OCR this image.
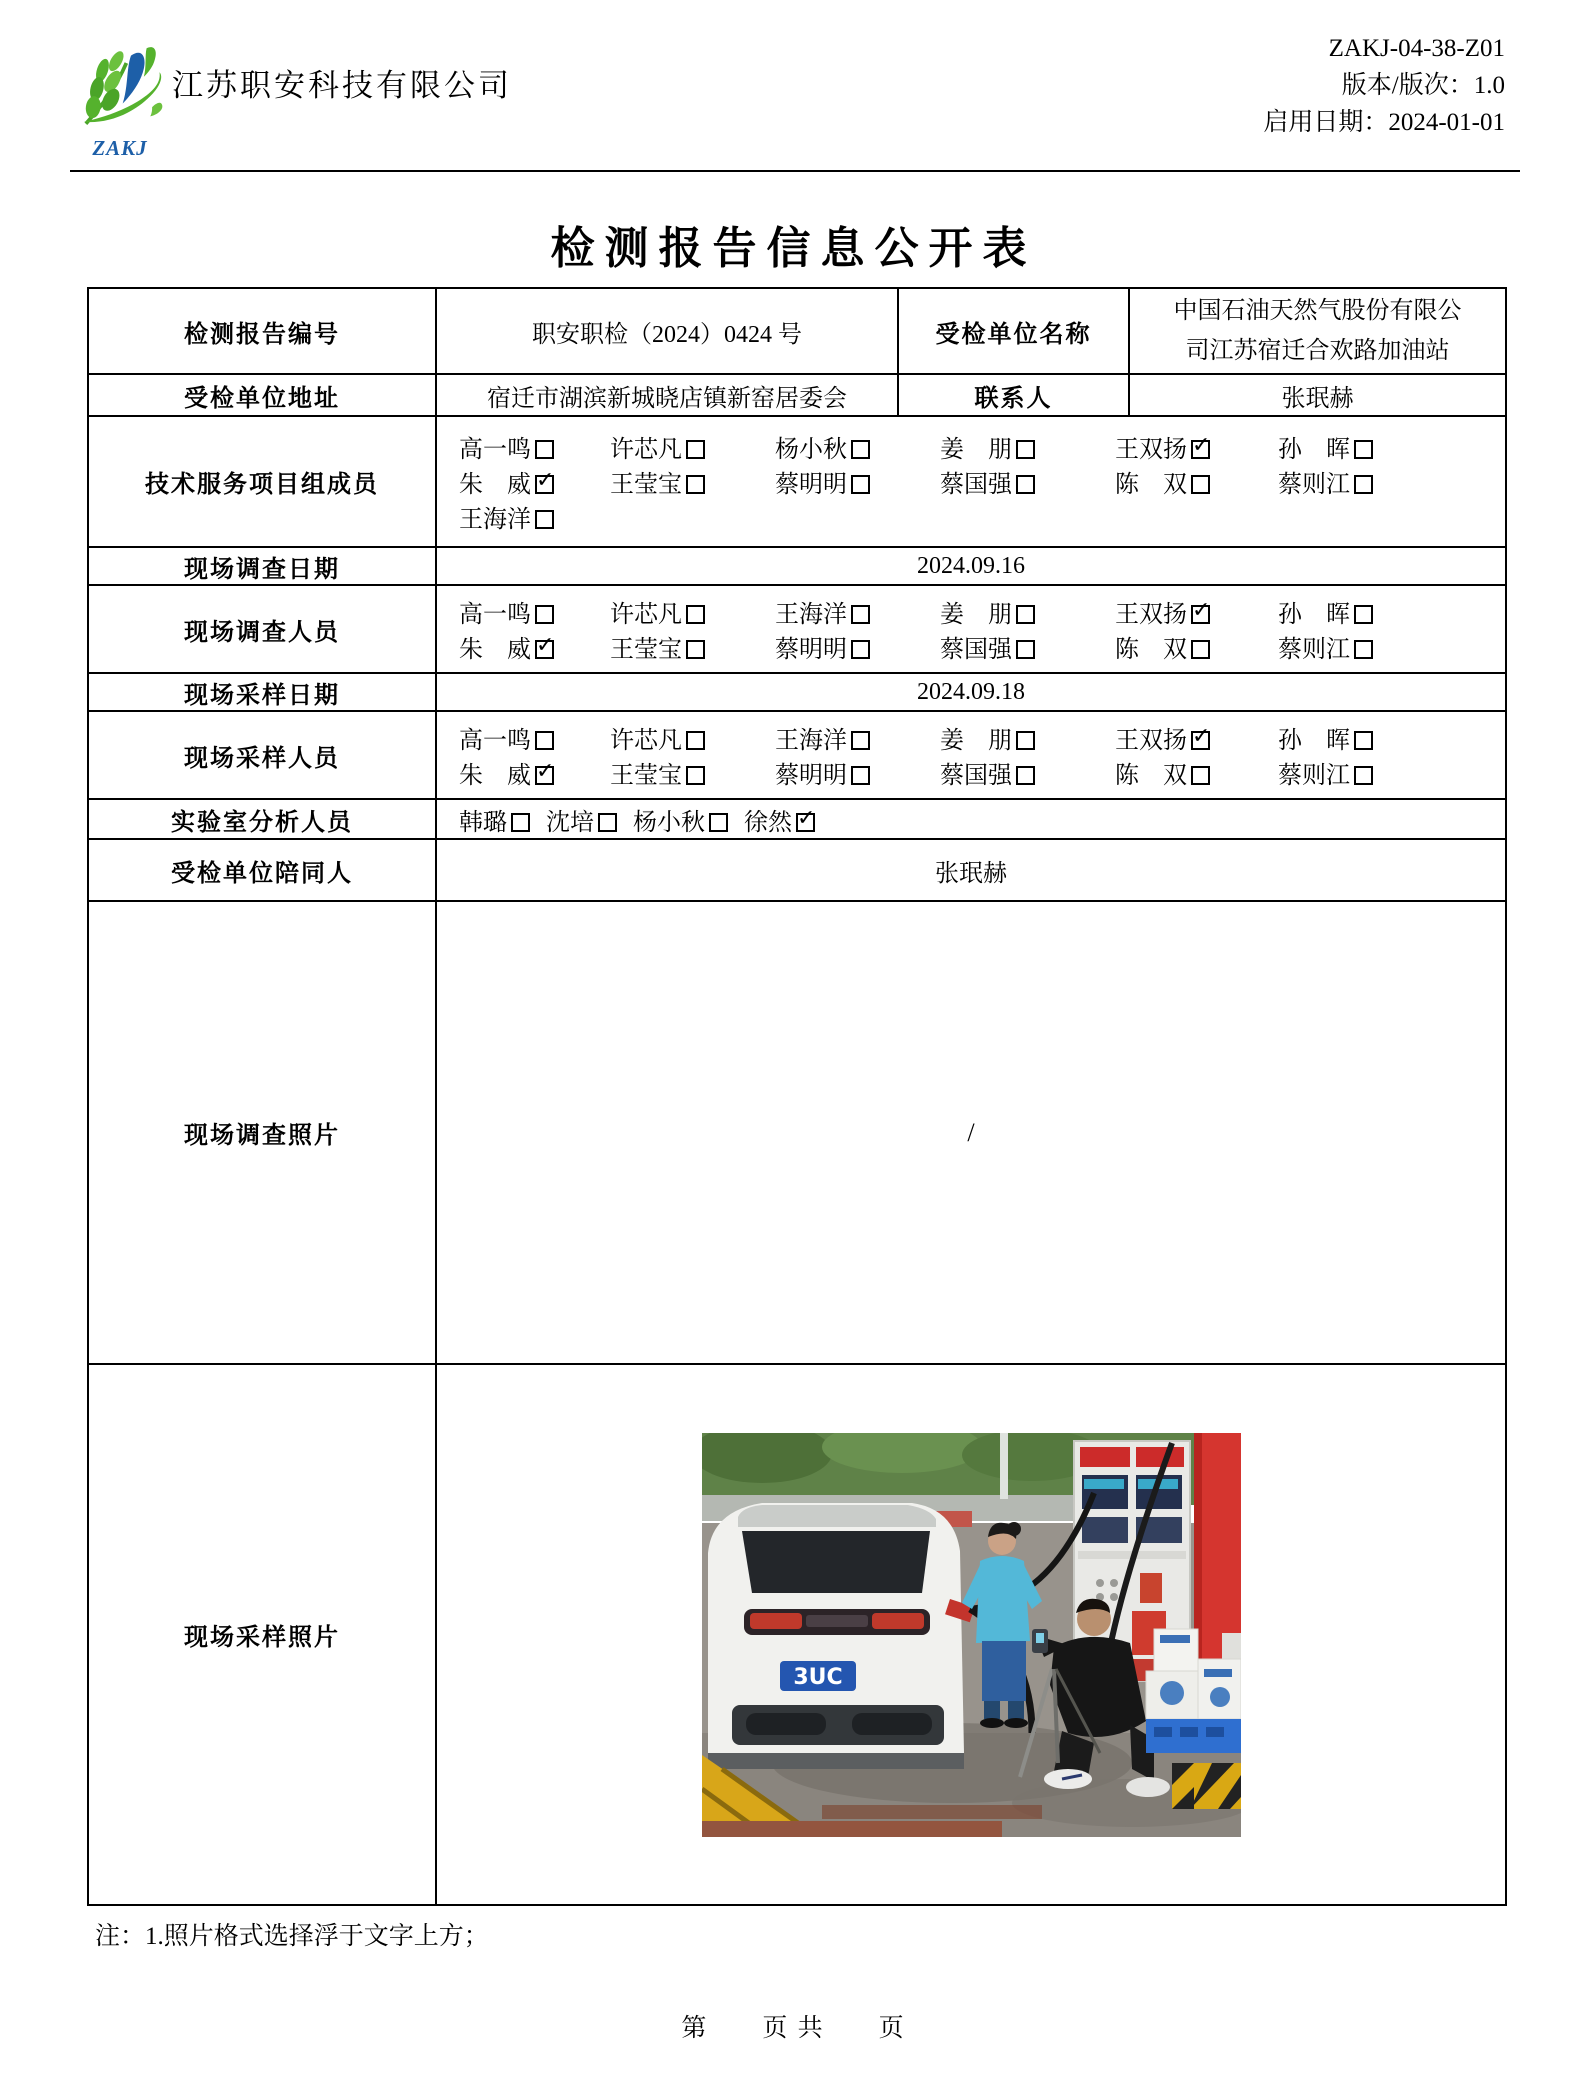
ZAKJ
江苏职安科技有限公司
ZAKJ-04-38-Z01
版本/版次：1.0
启用日期：2024-01-01
检测报告信息公开表
检测报告编号	职安职检（2024）0424 号	受检单位名称	中国石油天然气股份有限公
司江苏宿迁合欢路加油站

受检单位地址	宿迁市湖滨新城晓店镇新窑居委会	联系人	张珉赫
技术服务项目组成员	
高一鸣	许芯凡	杨小秋	姜　朋	王双扬 ✓	孙　晖
朱　威 ✓	王莹宝	蔡明明	蔡国强	陈　双	蔡则江
王海洋

现场调查日期	2024.09.16		
现场调查人员	
高一鸣	许芯凡	王海洋	姜　朋	王双扬 ✓	孙　晖
朱　威 ✓	王莹宝	蔡明明	蔡国强	陈　双	蔡则江

现场采样日期	2024.09.18		
现场采样人员	
高一鸣	许芯凡	王海洋	姜　朋	王双扬 ✓	孙　晖
朱　威 ✓	王莹宝	蔡明明	蔡国强	陈　双	蔡则江

实验室分析人员	韩璐 沈培 杨小秋 徐然✓

受检单位陪同人	张珉赫		
现场调查照片	/		
现场采样照片	3UC		
注：1.照片格式选择浮于文字上方；
第　　页 共　　页
